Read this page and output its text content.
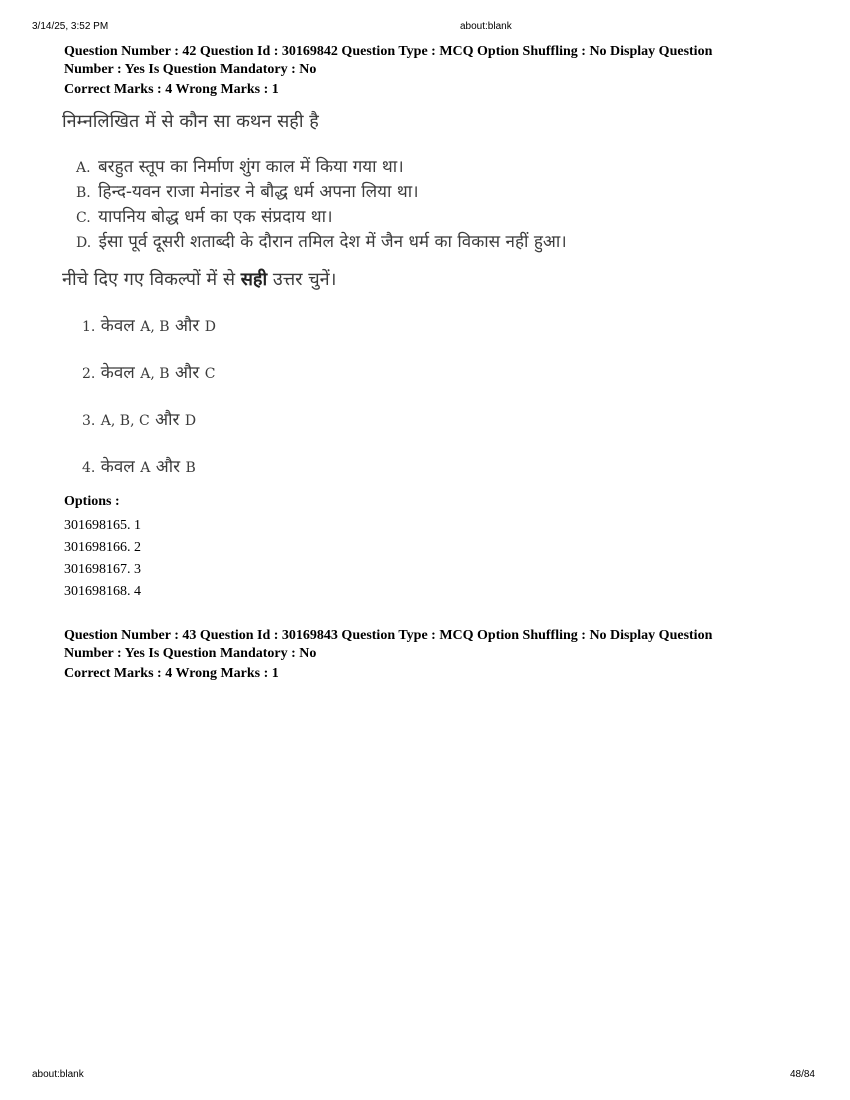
3/14/25, 3:52 PM	about:blank
Question Number : 42 Question Id : 30169842 Question Type : MCQ Option Shuffling : No Display Question
Number : Yes Is Question Mandatory : No
Correct Marks : 4 Wrong Marks : 1
निम्नलिखित में से कौन सा कथन सही है
A. बरहुत स्तूप का निर्माण शुंग काल में किया गया था।
B. हिन्द-यवन राजा मेनांडर ने बौद्ध धर्म अपना लिया था।
C. यापनिय बोद्ध धर्म का एक संप्रदाय था।
D. ईसा पूर्व दूसरी शताब्दी के दौरान तमिल देश में जैन धर्म का विकास नहीं हुआ।
नीचे दिए गए विकल्पों में से सही उत्तर चुनें।
1. केवल A, B और D
2. केवल A, B और C
3. A, B, C और D
4. केवल A और B
Options :
301698165. 1
301698166. 2
301698167. 3
301698168. 4
Question Number : 43 Question Id : 30169843 Question Type : MCQ Option Shuffling : No Display Question
Number : Yes Is Question Mandatory : No
Correct Marks : 4 Wrong Marks : 1
about:blank	48/84
